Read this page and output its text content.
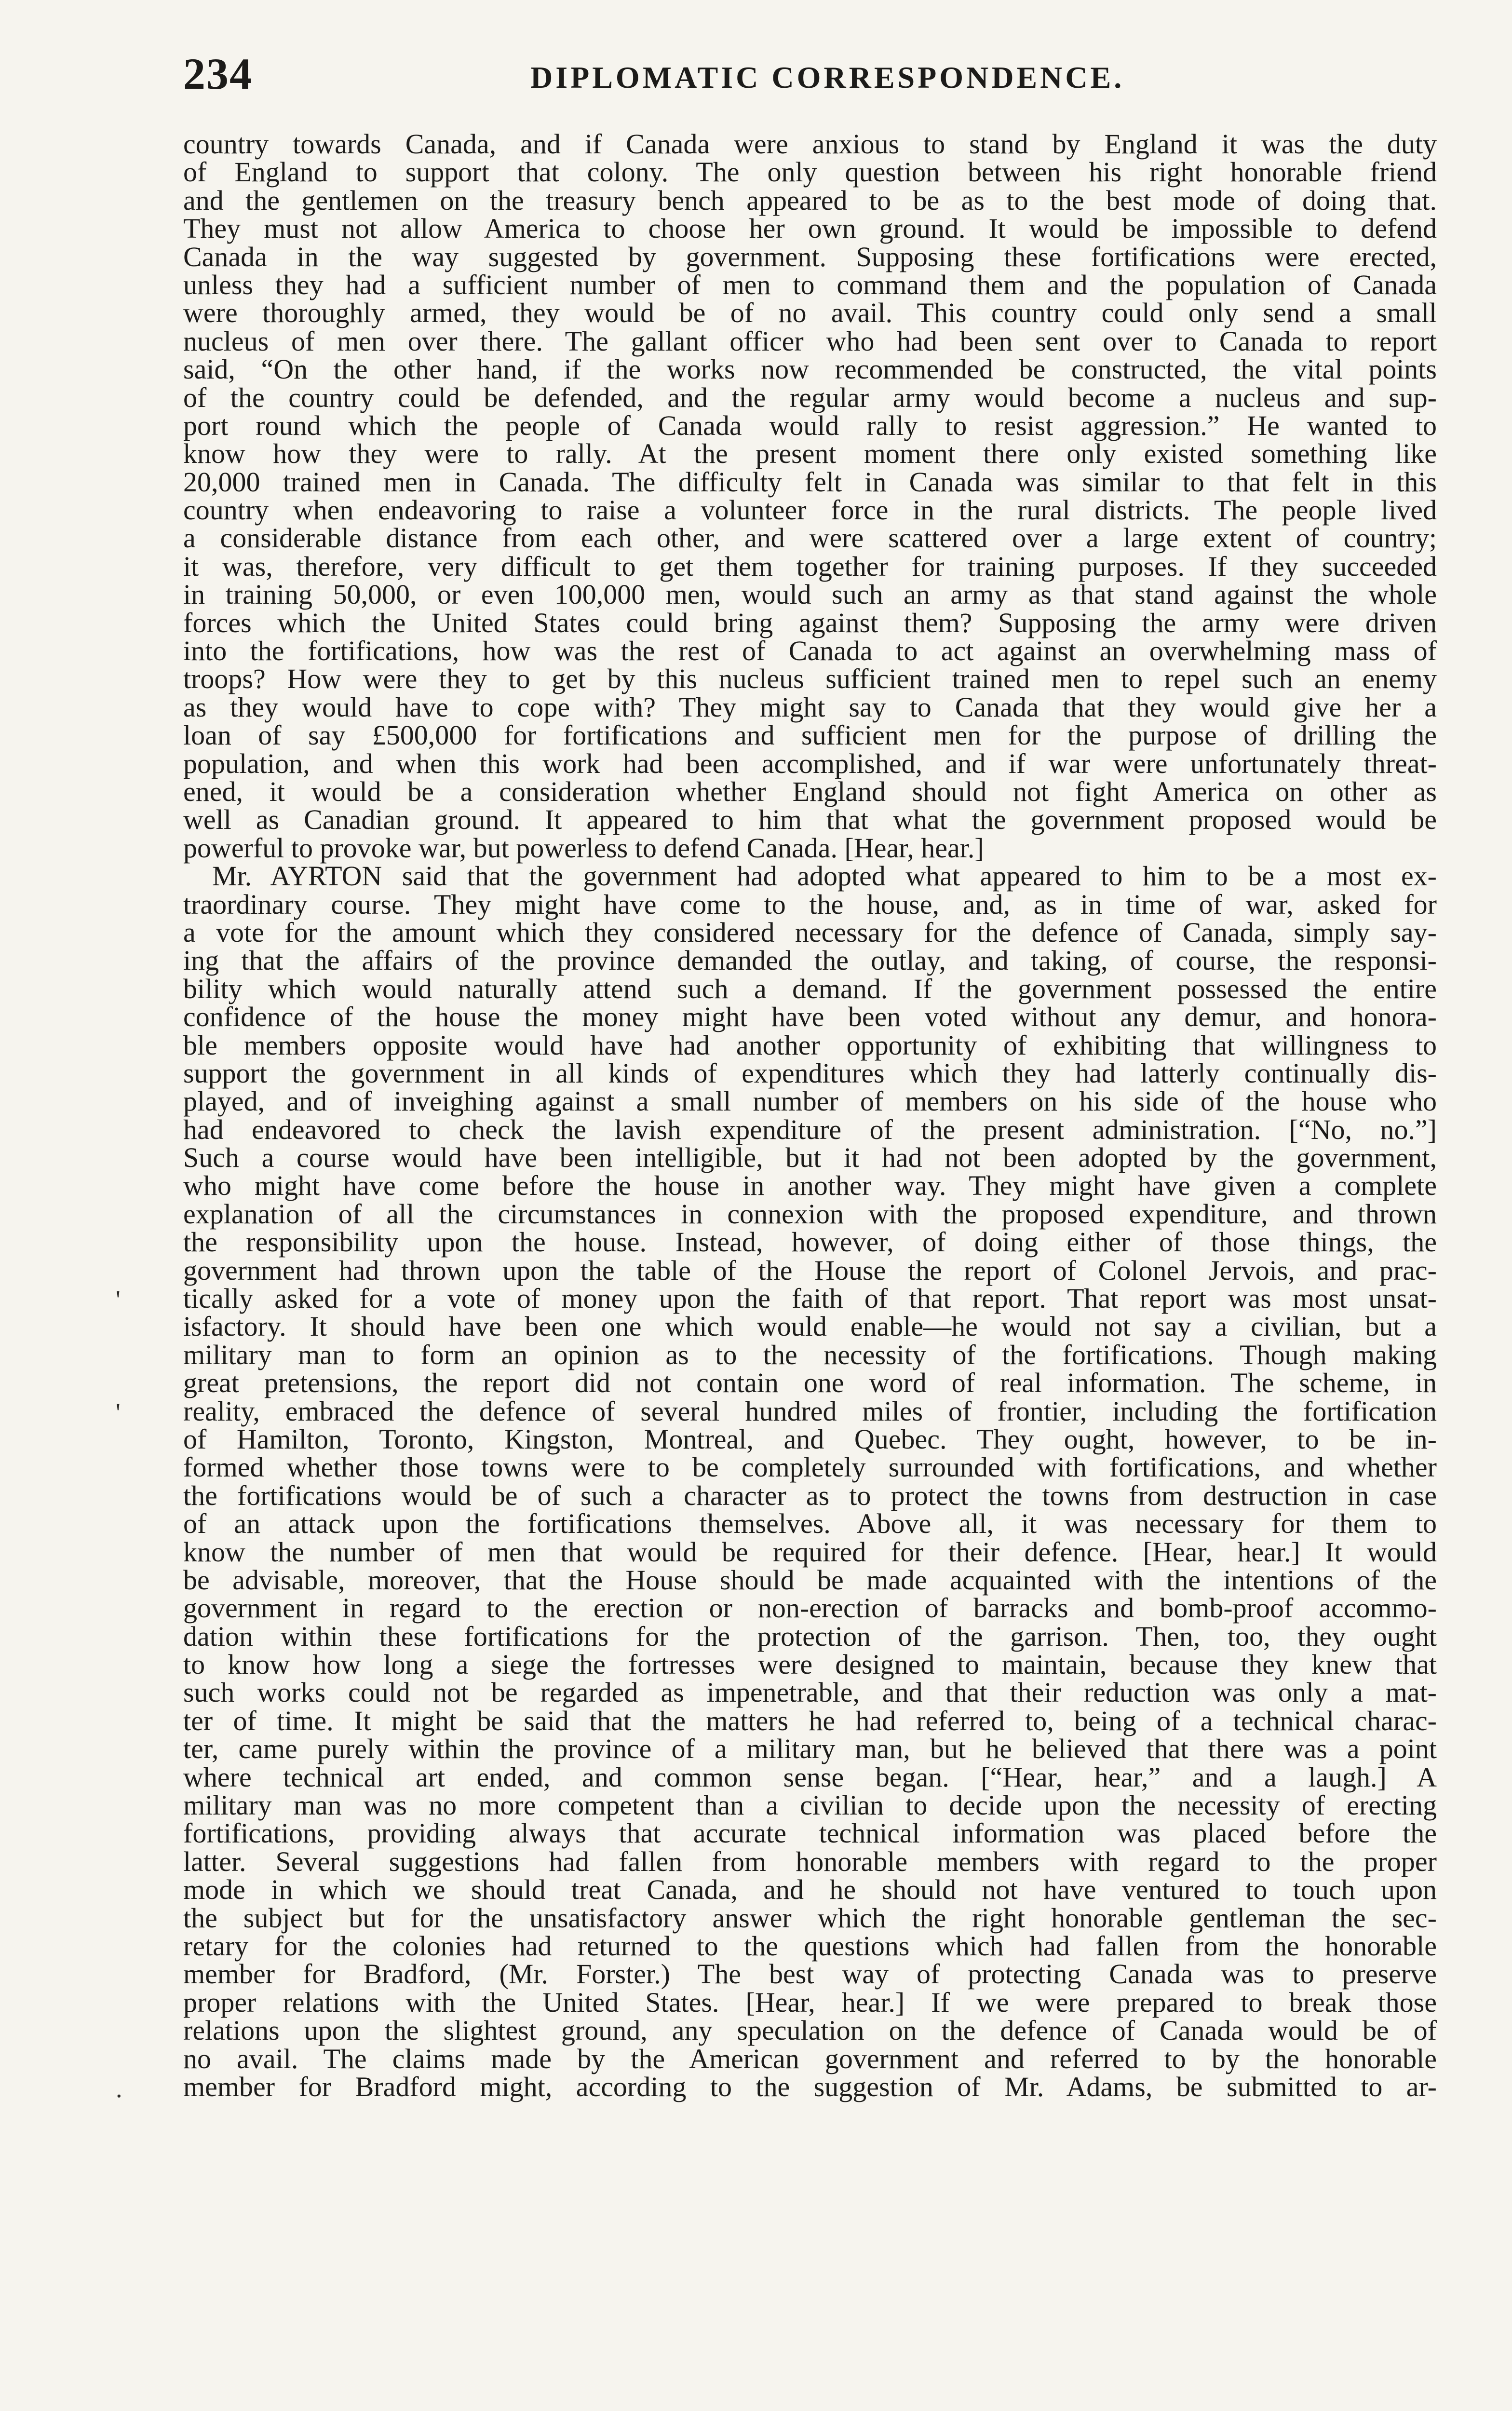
234	DIPLOMATIC CORRESPONDENCE.
country towards Canada, and if Canada were anxious to stand by England it was the duty
of England to support that colony. The only question between his right honorable friend
and the gentlemen on the treasury bench appeared to be as to the best mode of doing that.
They must not allow America to choose her own ground. It would be impossible to defend
Canada in the way suggested by government. Supposing these fortifications were erected,
unless they had a sufficient number of men to command them and the population of Canada
were thoroughly armed, they would be of no avail. This country could only send a small
nucleus of men over there. The gallant officer who had been sent over to Canada to report
said, “On the other hand, if the works now recommended be constructed, the vital points
of the country could be defended, and the regular army would become a nucleus and sup-
port round which the people of Canada would rally to resist aggression.” He wanted to
know how they were to rally. At the present moment there only existed something like
20,000 trained men in Canada. The difficulty felt in Canada was similar to that felt in this
country when endeavoring to raise a volunteer force in the rural districts. The people lived
a considerable distance from each other, and were scattered over a large extent of country;
it was, therefore, very difficult to get them together for training purposes. If they succeeded
in training 50,000, or even 100,000 men, would such an army as that stand against the whole
forces which the United States could bring against them? Supposing the army were driven
into the fortifications, how was the rest of Canada to act against an overwhelming mass of
troops? How were they to get by this nucleus sufficient trained men to repel such an enemy
as they would have to cope with? They might say to Canada that they would give her a
loan of say £500,000 for fortifications and sufficient men for the purpose of drilling the
population, and when this work had been accomplished, and if war were unfortunately threat-
ened, it would be a consideration whether England should not fight America on other as
well as Canadian ground. It appeared to him that what the government proposed would be
powerful to provoke war, but powerless to defend Canada. [Hear, hear.]
Mr. AYRTON said that the government had adopted what appeared to him to be a most ex-
traordinary course. They might have come to the house, and, as in time of war, asked for
a vote for the amount which they considered necessary for the defence of Canada, simply say-
ing that the affairs of the province demanded the outlay, and taking, of course, the responsi-
bility which would naturally attend such a demand. If the government possessed the entire
confidence of the house the money might have been voted without any demur, and honora-
ble members opposite would have had another opportunity of exhibiting that willingness to
support the government in all kinds of expenditures which they had latterly continually dis-
played, and of inveighing against a small number of members on his side of the house who
had endeavored to check the lavish expenditure of the present administration. [“No, no.”]
Such a course would have been intelligible, but it had not been adopted by the government,
who might have come before the house in another way. They might have given a complete
explanation of all the circumstances in connexion with the proposed expenditure, and thrown
the responsibility upon the house. Instead, however, of doing either of those things, the
government had thrown upon the table of the House the report of Colonel Jervois, and prac-
tically asked for a vote of money upon the faith of that report. That report was most unsat-
isfactory. It should have been one which would enable—he would not say a civilian, but a
military man to form an opinion as to the necessity of the fortifications. Though making
great pretensions, the report did not contain one word of real information. The scheme, in
reality, embraced the defence of several hundred miles of frontier, including the fortification
of Hamilton, Toronto, Kingston, Montreal, and Quebec. They ought, however, to be in-
formed whether those towns were to be completely surrounded with fortifications, and whether
the fortifications would be of such a character as to protect the towns from destruction in case
of an attack upon the fortifications themselves. Above all, it was necessary for them to
know the number of men that would be required for their defence. [Hear, hear.] It would
be advisable, moreover, that the House should be made acquainted with the intentions of the
government in regard to the erection or non-erection of barracks and bomb-proof accommo-
dation within these fortifications for the protection of the garrison. Then, too, they ought
to know how long a siege the fortresses were designed to maintain, because they knew that
such works could not be regarded as impenetrable, and that their reduction was only a mat-
ter of time. It might be said that the matters he had referred to, being of a technical charac-
ter, came purely within the province of a military man, but he believed that there was a point
where technical art ended, and common sense began. [“Hear, hear,” and a laugh.] A
military man was no more competent than a civilian to decide upon the necessity of erecting
fortifications, providing always that accurate technical information was placed before the
latter. Several suggestions had fallen from honorable members with regard to the proper
mode in which we should treat Canada, and he should not have ventured to touch upon
the subject but for the unsatisfactory answer which the right honorable gentleman the sec-
retary for the colonies had returned to the questions which had fallen from the honorable
member for Bradford, (Mr. Forster.) The best way of protecting Canada was to preserve
proper relations with the United States. [Hear, hear.] If we were prepared to break those
relations upon the slightest ground, any speculation on the defence of Canada would be of
no avail. The claims made by the American government and referred to by the honorable
member for Bradford might, according to the suggestion of Mr. Adams, be submitted to ar-
'
'
.
